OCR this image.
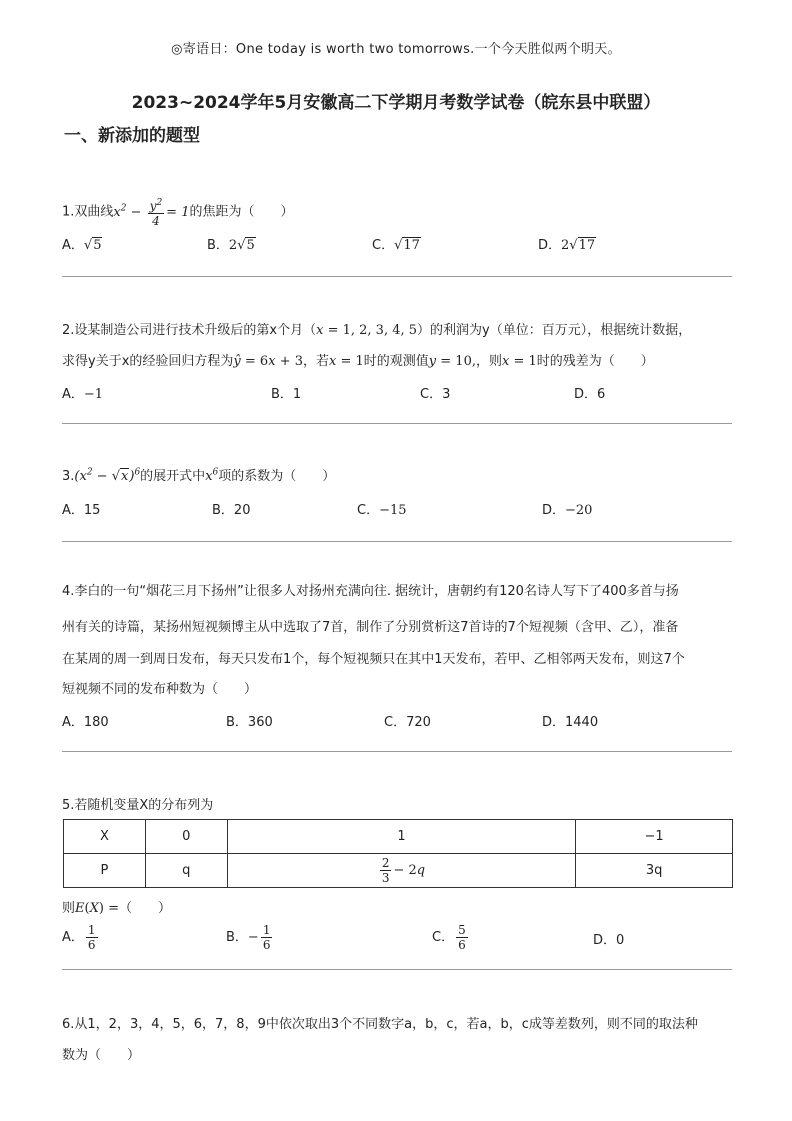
◎寄语日：One today is worth two tomorrows.一个今天胜似两个明天。
2023~2024学年5月安徽高二下学期月考数学试卷（皖东县中联盟）
一、新添加的题型
1.双曲线$x^2 - \frac{y^2}{4} = 1$的焦距为（　　）
A．√5	B．2√5	C．√17	D．2√17
2.设某制造公司进行技术升级后的第x个月（x = 1, 2, 3, 4, 5）的利润为y（单位：百万元），根据统计数据，
求得y关于x的经验回归方程为ŷ = 6x + 3，若x = 1时的观测值y = 10,，则x = 1时的残差为（　　）
A．−1	B．1	C．3	D．6
$3.(x^2 - √x)^6$的展开式中$x^6$项的系数为（　　）
A．15	B．20	C．−15	D．−20
4.李白的一句“烟花三月下扬州”让很多人对扬州充满向往. 据统计，唐朝约有120名诗人写下了400多首与扬
州有关的诗篇，某扬州短视频博主从中选取了7首，制作了分别赏析这7首诗的7个短视频（含甲、乙），准备
在某周的周一到周日发布，每天只发布1个，每个短视频只在其中1天发布，若甲、乙相邻两天发布，则这7个
短视频不同的发布种数为（　　）
A．180	B．360	C．720	D．1440
5.若随机变量X的分布列为
X	0	1	−1
P	q	$\frac{2}{3} - 2q$	3q
则E(X) =（　　）
A． $\frac{1}{6}$	B．− $\frac{1}{6}$	C． $\frac{5}{6}$	D．0
6.从1，2，3，4，5，6，7，8，9中依次取出3个不同数字a，b，c，若a，b，c成等差数列，则不同的取法种
数为（　　）
